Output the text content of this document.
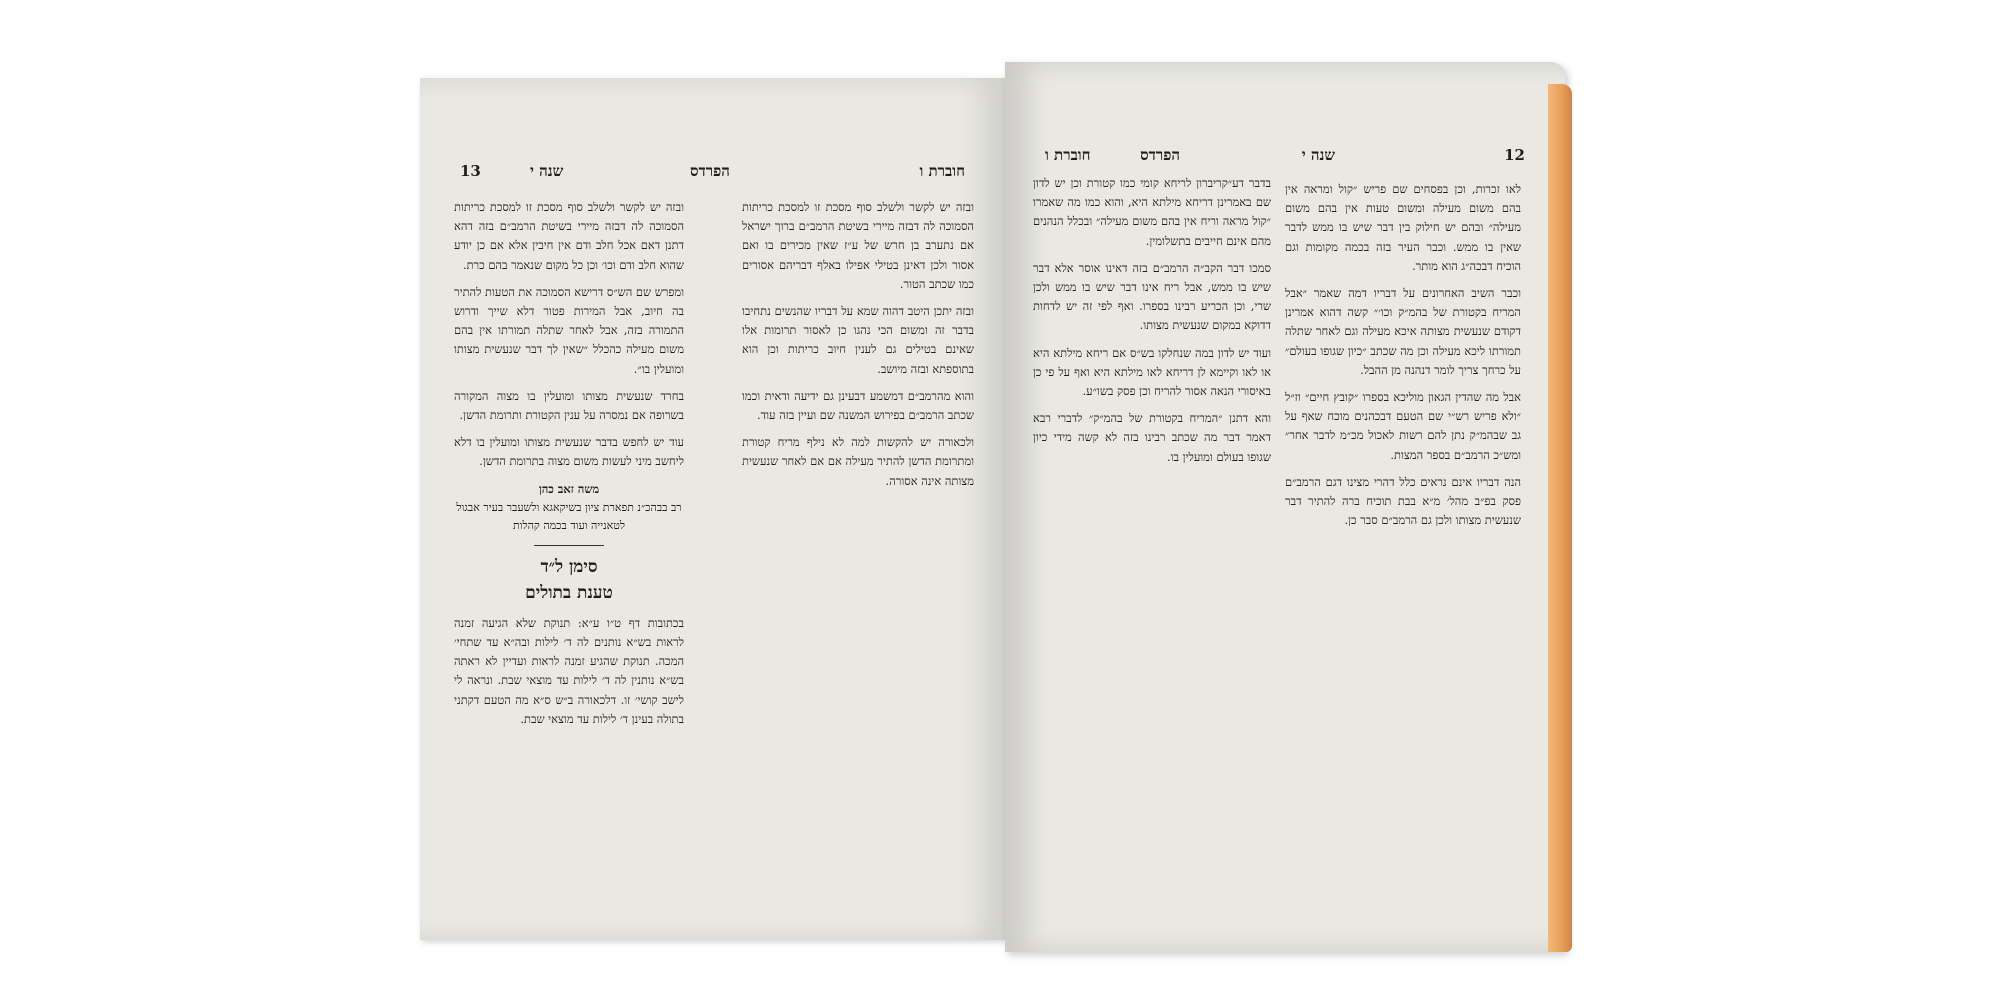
13	שנה י	הפרדס	חוברת ו

ובזה יש לקשר ולשלב סוף מסכת זו למסכת כריתות הסמוכה לה דבזה מיירי בשיטת הרמב״ם ברוך ישראל אם נתערב בן חרש של ע״ז שאין מכירים בו ואם אסור ולכן דאינן בטילי אפילו באלף דבריהם אסורים כמו שכתב הטור.

ובזה יתכן היטב דהוה שמא על דבריו שהנשים נתחיבו בדבר זה ומשום הכי נהגו כן לאסור תרומות אלו שאינם בטילים גם לענין חיוב כריתות וכן הוא בתוספתא ובזה מיושב.

והוא מהרמב״ם דמשמע דבעינן גם ידיעה ודאית וכמו שכתב הרמב״ם בפירוש המשנה שם ועיין בזה עוד.

ולכאורה יש להקשות למה לא נילף מריח קטורת ומתרומת הדשן להתיר מעילה אם אם לאחר שנעשית מצותה אינה אסורה.

ובזה יש לקשר ולשלב סוף מסכת זו למסכת כריתות הסמוכה לה דבזה מיירי בשיטת הרמב״ם בזה דהא דתנן דאם אכל חלב ודם אין חיבין אלא אם כן יודע שהוא חלב ודם וכו׳ וכן כל מקום שנאמר בהם כרת.

ומפרש שם הש״ס דרישא הסמוכה את הטעות להתיר בה חיוב, אבל המירות פטור דלא שייך ודרוש התמורה בזה, אבל לאחר שתלה תמורתו אין בהם משום מעילה כהכלל ״שאין לך דבר שנעשית מצותו ומועלין בו״.

בחרד שנעשית מצותו ומועלין בו מצוה המקורה בשרופה אם נמסרה על ענין הקטורת ותרומת הדשן.

עוד יש לחפש בדבר שנעשית מצותו ומועלין בו דלא ליחשב מיני לעשות משום מצוה בתרומת הדשן.

משה זאב כהן
רב בבהכ״נ תפארת ציון בשיקאגא ולשעבר בעיר אבגול לטאנייה ועוד בכמה קהלות
סימן ל״ד
טענת בתולים

בכתובות דף ט״ו ע״א: תנוקת שלא הגיעה זמנה לראות בש״א נותנים לה ד׳ לילות ובה״א עד שתחי׳ המכה. תנוקת שהגיע זמנה לראות ועדיין לא ראתה בש״א נותנין לה ד׳ לילות עד מוצאי שבת. ונראה לי לישב קושי׳ זו. דלכאורה ב״ש ס״א מה הטעם דקתני בתולה בעינן ד׳ לילות עד מוצאי שבת.

12
שנה י
הפרדס
חוברת ו

לאו זכרות, וכן בפסחים שם פריש ״קול ומראה אין בהם משום מעילה ומשום טעות אין בהם משום מעילה״ ובהם יש חילוק בין דבר שיש בו ממש לדבר שאין בו ממש. וכבר העיר בזה בכמה מקומות וגם הוכיח דבכה״ג הוא מותר.

וכבר השיב האחרונים על דבריו דמה שאמר ״אבל המריח בקטורת של בהמ״ק וכו׳״ קשה דהוא אמרינן דקודם שנעשית מצותה איכא מעילה וגם לאחר שתלה תמורתו ליכא מעילה וכן מה שכתב ״כיון שגופו בעולם״ על כרחך צריך לומר דנהנה מן ההבל.

אבל מה שהדין הגאון מוליכא בספרו ״קובץ חיים״ וז״ל ״ולא פריש רש״י שם הטעם דבכהנים מוכח שאף על גב שבהמ״ק נתן להם רשות לאכול מכ״מ לדבר אחר״ ומש״כ הרמב״ם בספר המצות.

הנה דבריו אינם נראים כלל דהרי מצינו דגם הרמב״ם פסק בפ״ב מהל׳ מ״א בבת תוכיח ברה להתיר דבר שנעשית מצותו ולכן גם הרמב״ם סבר כן.

בדבר דע״קריברון לריחא קומי כמו קטורת וכן יש לדון שם באמרינן דריחא מילתא היא, והוא כמו מה שאמרו ״קול מראה וריח אין בהם משום מעילה״ ובכלל הנהנים מהם אינם חייבים בתשלומין.

סמכו דבר הקב״ה הרמב״ם בזה דאינו אוסר אלא דבר שיש בו ממש, אבל ריח אינו דבר שיש בו ממש ולכן שרי, וכן הכריע רבינו בספרו. ואף לפי זה יש לדחות דדוקא במקום שנעשית מצותו.

ועוד יש לדון במה שנחלקו בש״ס אם ריחא מילתא היא או לאו וקיימא לן דריחא לאו מילתא היא ואף על פי כן באיסורי הנאה אסור להריח וכן פסק בשו״ע.

והא דתנן ״המריח בקטורת של בהמ״ק״ לדברי רבא דאמר דבר מה שכתב רבינו בזה לא קשה מידי כיון שגופו בעולם ומועלין בו.
